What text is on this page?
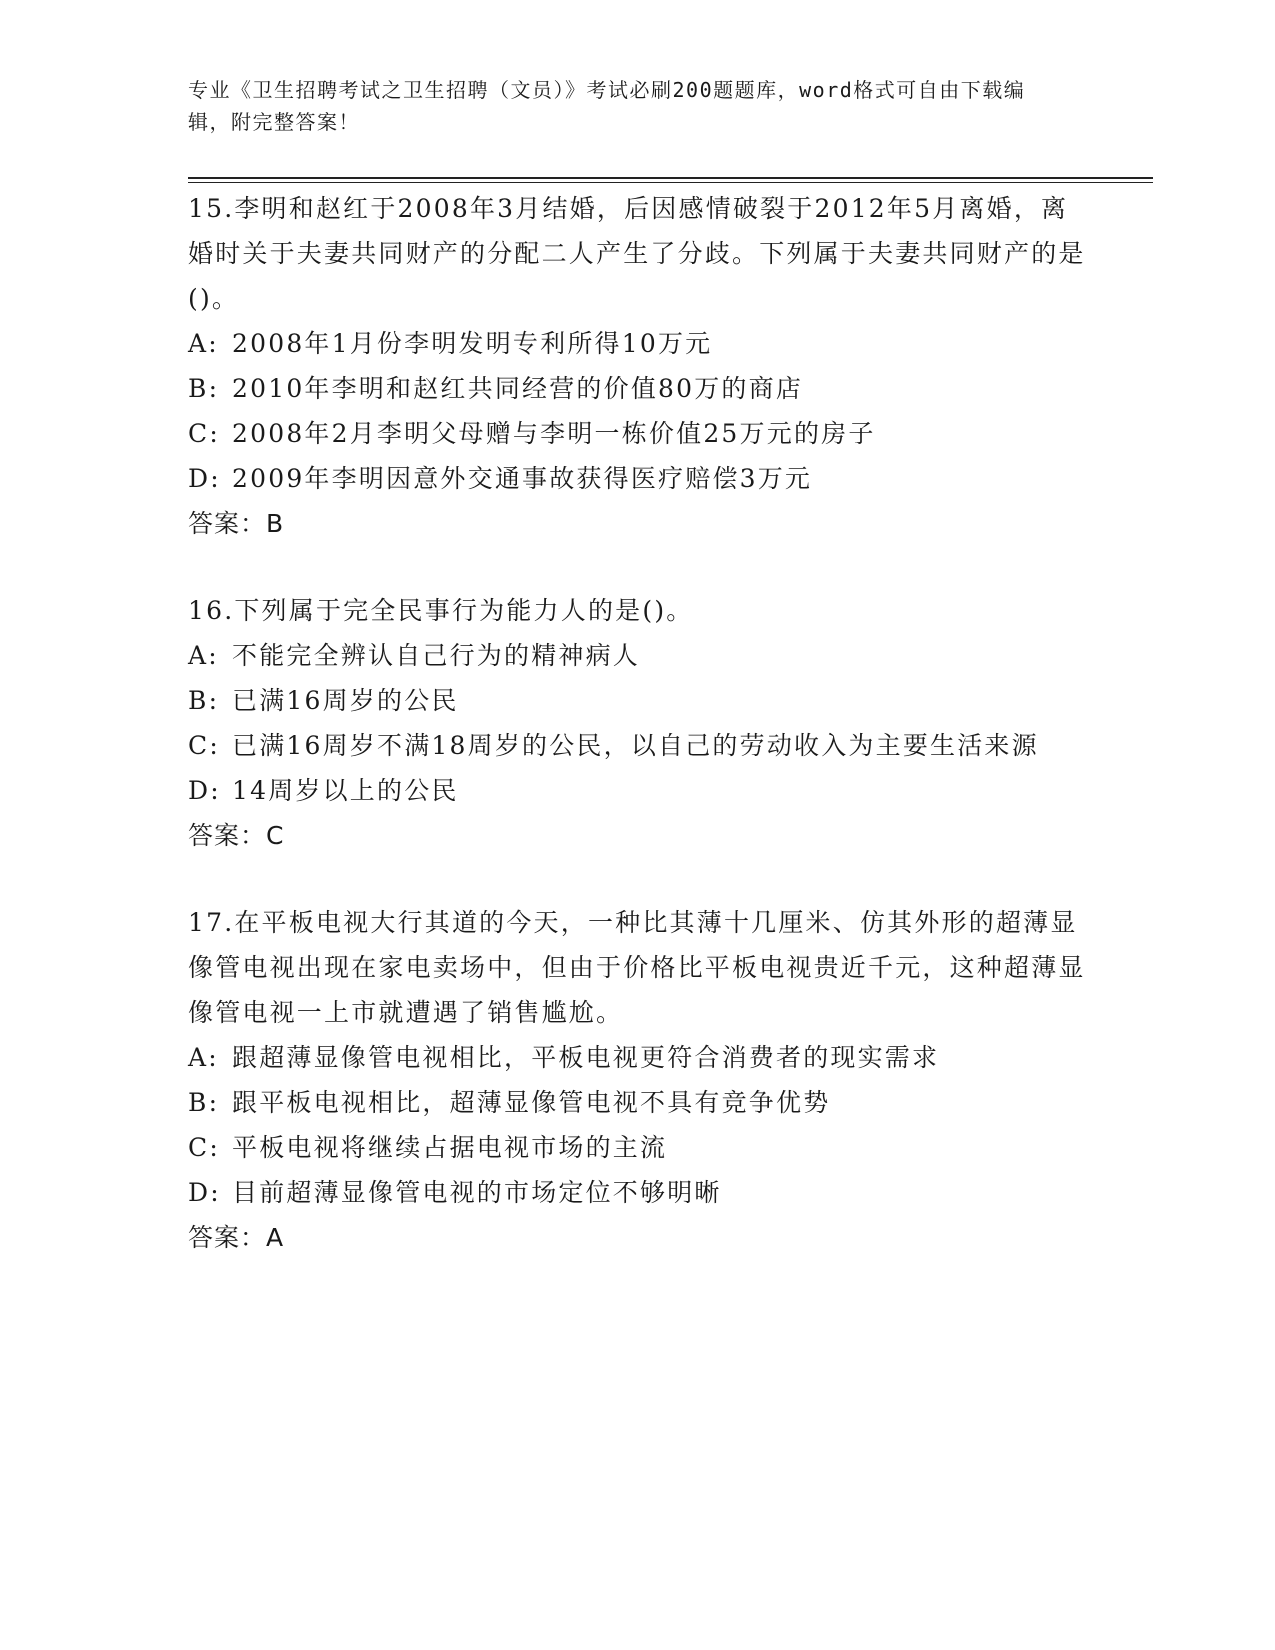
专业《卫生招聘考试之卫生招聘（文员）》考试必刷200题题库，word格式可自由下载编辑，附完整答案！

15.李明和赵红于2008年3月结婚，后因感情破裂于2012年5月离婚，离婚时关于夫妻共同财产的分配二人产生了分歧。下列属于夫妻共同财产的是()。

A: 2008年1月份李明发明专利所得10万元
B: 2010年李明和赵红共同经营的价值80万的商店
C: 2008年2月李明父母赠与李明一栋价值25万元的房子
D: 2009年李明因意外交通事故获得医疗赔偿3万元
答案：B

16.下列属于完全民事行为能力人的是()。

A: 不能完全辨认自己行为的精神病人
B: 已满16周岁的公民
C: 已满16周岁不满18周岁的公民，以自己的劳动收入为主要生活来源
D: 14周岁以上的公民
答案：C

17.在平板电视大行其道的今天，一种比其薄十几厘米、仿其外形的超薄显像管电视出现在家电卖场中，但由于价格比平板电视贵近千元，这种超薄显像管电视一上市就遭遇了销售尴尬。

A: 跟超薄显像管电视相比，平板电视更符合消费者的现实需求
B: 跟平板电视相比，超薄显像管电视不具有竞争优势
C: 平板电视将继续占据电视市场的主流
D: 目前超薄显像管电视的市场定位不够明晰
答案：A
